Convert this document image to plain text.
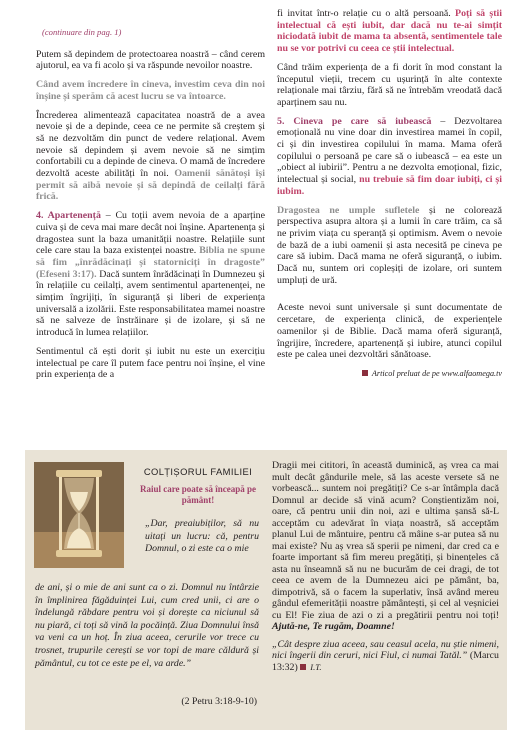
(continuare din pag. 1)

Putem să depindem de protectoarea noastră – când cerem ajutorul, ea va fi acolo și va răspunde nevoilor noastre.

Când avem încredere în cineva, investim ceva din noi înșine și sperăm că acest lucru se va întoarce.

Încrederea alimentează capacitatea noastră de a avea nevoie și de a depinde, ceea ce ne permite să creștem și să ne dezvoltăm din punct de vedere relațional. Avem nevoie să depindem și avem nevoie să ne simțim confortabili cu a depinde de cineva. O mamă de încredere dezvoltă aceste abilități în noi. Oamenii sănătoși își permit să aibă nevoie și să depindă de ceilalți fără frică.

4. Apartenență – Cu toții avem nevoia de a aparține cuiva și de ceva mai mare decât noi înșine. Apartenența și dragostea sunt la baza umanității noastre. Relațiile sunt cele care stau la baza existenței noastre. Biblia ne spune să fim „înrădăcinați și statorniciți în dragoste” (Efeseni 3:17). Dacă suntem înrădăcinați în Dumnezeu și în relațiile cu ceilalți, avem sentimentul apartenenței, ne simțim îngrijiți, în siguranță și liberi de experiența universală a izolării. Este responsabilitatea mamei noastre să ne salveze de înstrăinare și de izolare, și să ne introducă în lumea relațiilor.

Sentimentul că ești dorit și iubit nu este un exercițiu intelectual pe care îl putem face pentru noi înșine, el vine prin experiența de a

fi invitat într-o relație cu o altă persoană. Poți să știi intelectual că ești iubit, dar dacă nu te-ai simțit niciodată iubit de mama ta absentă, sentimentele tale nu se vor potrivi cu ceea ce știi intelectual.

Când trăim experiența de a fi dorit în mod constant la începutul vieții, trecem cu ușurință în alte contexte relaționale mai târziu, fără să ne întrebăm vreodată dacă aparținem sau nu.

5. Cineva pe care să iubească – Dezvoltarea emoțională nu vine doar din investirea mamei în copil, ci și din investirea copilului în mama. Mama oferă copilului o persoană pe care să o iubească – ea este un „obiect al iubirii”. Pentru a ne dezvolta emoțional, fizic, intelectual și social, nu trebuie să fim doar iubiți, ci și iubim.

Dragostea ne umple sufletele și ne colorează perspectiva asupra altora și a lumii în care trăim, ca să ne privim viața cu speranță și optimism. Avem o nevoie de bază de a iubi oamenii și asta necesită pe cineva pe care să iubim. Dacă mama ne oferă siguranță, o iubim. Dacă nu, suntem ori copleșiți de izolare, ori suntem umpluți de ură.

Aceste nevoi sunt universale și sunt documentate de cercetare, de experiența clinică, de experiențele oamenilor și de Biblie. Dacă mama oferă siguranță, îngrijire, încredere, apartenență și iubire, atunci copilul este pe calea unei dezvoltări sănătoase.

Articol preluat de pe www.alfaomega.tv

COLȚIȘORUL FAMILIEI
Raiul care poate să înceapă pe pământ!
„Dar, preaiubiților, să nu uitați un lucru: că, pentru Domnul, o zi este ca o mie
de ani, și o mie de ani sunt ca o zi. Domnul nu întârzie în împlinirea făgăduinței Lui, cum cred unii, ci are o îndelungă răbdare pentru voi și dorește ca niciunul să nu piară, ci toți să vină la pocăință. Ziua Domnului însă va veni ca un hoț. În ziua aceea, cerurile vor trece cu trosnet, trupurile cerești se vor topi de mare căldură și pământul, cu tot ce este pe el, va arde.”
(2 Petru 3:18-9-10)

Dragii mei cititori, în această duminică, aș vrea ca mai mult decât gândurile mele, să las aceste versete să ne vorbească... suntem noi pregătiți? Ce s-ar întâmpla dacă Domnul ar decide să vină acum? Conștientizăm noi, oare, că pentru unii din noi, azi e ultima șansă să-L acceptăm cu adevărat în viața noastră, să acceptăm planul Lui de mântuire, pentru că mâine s-ar putea să nu mai existe? Nu aș vrea să sperii pe nimeni, dar cred ca e foarte important să fim mereu pregătiți, și binențeles că asta nu înseamnă să nu ne bucurăm de cei dragi, de tot ceea ce avem de la Dumnezeu aici pe pământ, ba, dimpotrivă, să o facem la superlativ, însă având mereu gândul efemerității noastre pământești, și cel al veșniciei cu El! Fie ziua de azi o zi a pregătirii pentru noi toți! Ajută-ne, Te rugăm, Doamne!

„Cât despre ziua aceea, sau ceasul acela, nu știe nimeni, nici îngerii din ceruri, nici Fiul, ci numai Tatăl.” (Marcu 13:32) I.T.
